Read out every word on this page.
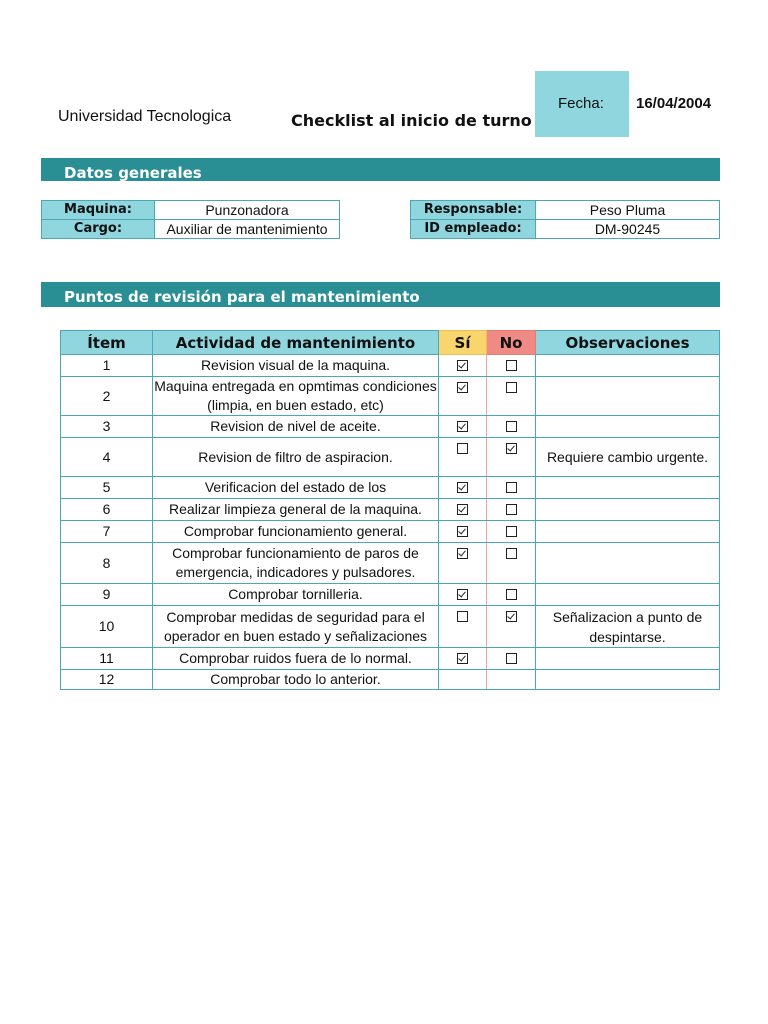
Universidad Tecnologica	Checklist al inicio de turno
Fecha: 16/04/2004
Datos generales
Maquina:	Punzonadora
Cargo:	Auxiliar de mantenimiento
Responsable:	Peso Pluma
ID empleado:	DM-90245
Puntos de revisión para el mantenimiento
Ítem	Actividad de mantenimiento	Sí	No	Observaciones
1	Revision visual de la maquina.			

2	Maquina entregada en opmtimas condiciones (limpia, en buen estado, etc)			

3	Revision de nivel de aceite.			

4	Revision de filtro de aspiracion.			Requiere cambio urgente.
5	Verificacion del estado de los			

6	Realizar limpieza general de la maquina.			

7	Comprobar funcionamiento general.			

8	Comprobar funcionamiento de paros de emergencia, indicadores y pulsadores.			

9	Comprobar tornilleria.			

10	Comprobar medidas de seguridad para el operador en buen estado y señalizaciones			Señalizacion a punto de despintarse.
11	Comprobar ruidos fuera de lo normal.			

12	Comprobar todo lo anterior.			
